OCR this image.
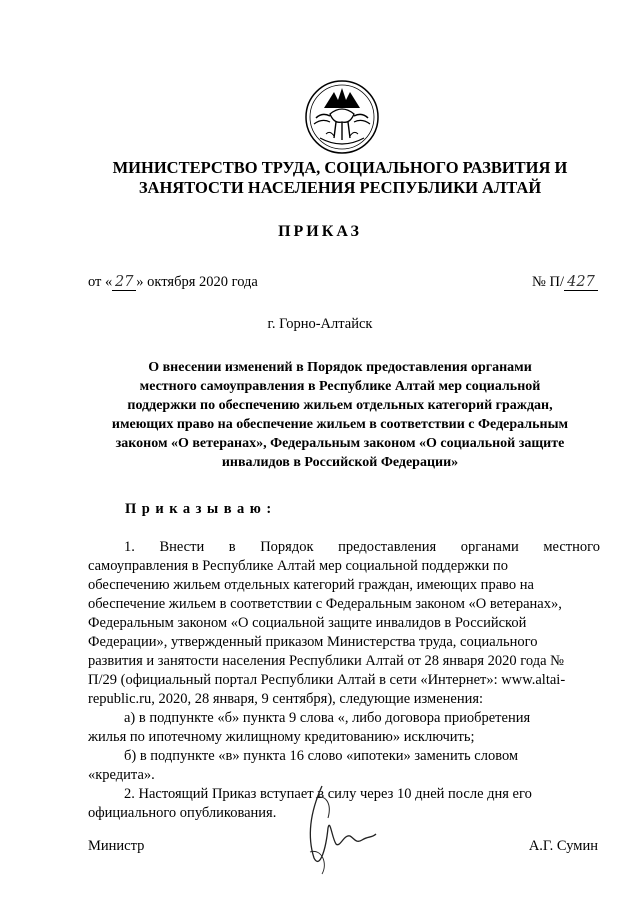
МИНИСТЕРСТВО ТРУДА, СОЦИАЛЬНОГО РАЗВИТИЯ И
ЗАНЯТОСТИ НАСЕЛЕНИЯ РЕСПУБЛИКИ АЛТАЙ
ПРИКАЗ
от « 27 » октября 2020 года	№ П/ 427
г. Горно-Алтайск
О внесении изменений в Порядок предоставления органами
местного самоуправления в Республике Алтай мер социальной
поддержки по обеспечению жильем отдельных категорий граждан,
имеющих право на обеспечение жильем в соответствии с Федеральным
законом «О ветеранах», Федеральным законом «О социальной защите
инвалидов в Российской Федерации»
Приказываю:
1. Внести в Порядок предоставления органами местного
самоуправления в Республике Алтай мер социальной поддержки по
обеспечению жильем отдельных категорий граждан, имеющих право на
обеспечение жильем в соответствии с Федеральным законом «О ветеранах»,
Федеральным законом «О социальной защите инвалидов в Российской
Федерации», утвержденный приказом Министерства труда, социального
развития и занятости населения Республики Алтай от 28 января 2020 года №
П/29 (официальный портал Республики Алтай в сети «Интернет»: www.altai-
republic.ru, 2020, 28 января, 9 сентября), следующие изменения:
а) в подпункте «б» пункта 9 слова «, либо договора приобретения
жилья по ипотечному жилищному кредитованию» исключить;
б) в подпункте «в» пункта 16 слово «ипотеки» заменить словом
«кредита».
2. Настоящий Приказ вступает в силу через 10 дней после дня его
официального опубликования.
Министр	А.Г. Сумин
